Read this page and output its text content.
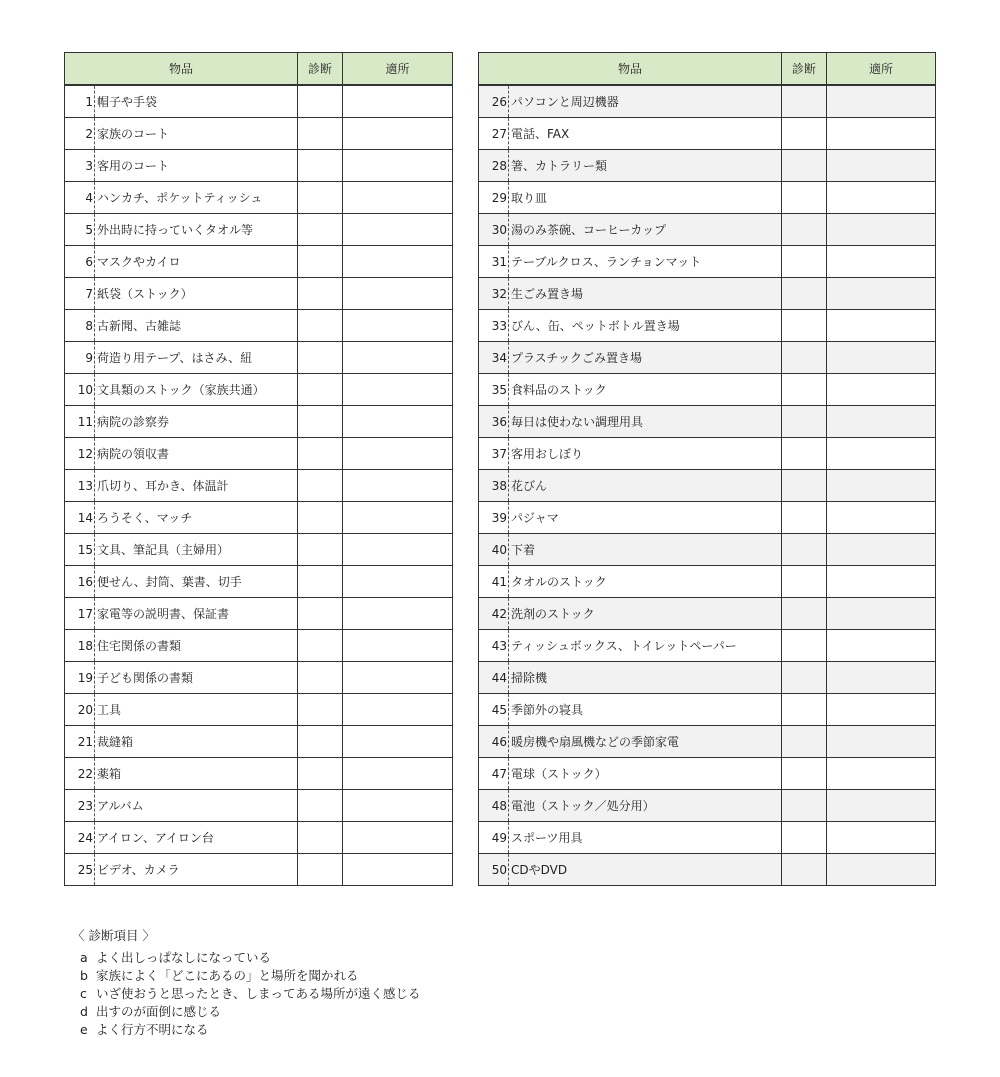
物品		診断	適所
1	帽子や手袋		
2	家族のコート		
3	客用のコート		
4	ハンカチ、ポケットティッシュ		
5	外出時に持っていくタオル等		
6	マスクやカイロ		
7	紙袋（ストック）		
8	古新聞、古雑誌		
9	荷造り用テープ、はさみ、紐		
10	文具類のストック（家族共通）		
11	病院の診察券		
12	病院の領収書		
13	爪切り、耳かき、体温計		
14	ろうそく、マッチ		
15	文具、筆記具（主婦用）		
16	便せん、封筒、葉書、切手		
17	家電等の説明書、保証書		
18	住宅関係の書類		
19	子ども関係の書類		
20	工具		
21	裁縫箱		
22	薬箱		
23	アルバム		
24	アイロン、アイロン台		
25	ビデオ、カメラ		
物品		診断	適所
26	パソコンと周辺機器		
27	電話、FAX		
28	箸、カトラリー類		
29	取り皿		
30	湯のみ茶碗、コーヒーカップ		
31	テーブルクロス、ランチョンマット		
32	生ごみ置き場		
33	びん、缶、ペットボトル置き場		
34	プラスチックごみ置き場		
35	食料品のストック		
36	毎日は使わない調理用具		
37	客用おしぼり		
38	花びん		
39	パジャマ		
40	下着		
41	タオルのストック		
42	洗剤のストック		
43	ティッシュボックス、トイレットペーパー		
44	掃除機		
45	季節外の寝具		
46	暖房機や扇風機などの季節家電		
47	電球（ストック）		
48	電池（ストック／処分用）		
49	スポーツ用具		
50	CDやDVD		
〈 診断項目 〉
a よく出しっぱなしになっている
b 家族によく「どこにあるの」と場所を聞かれる
c いざ使おうと思ったとき、しまってある場所が遠く感じる
d 出すのが面倒に感じる
e よく行方不明になる
